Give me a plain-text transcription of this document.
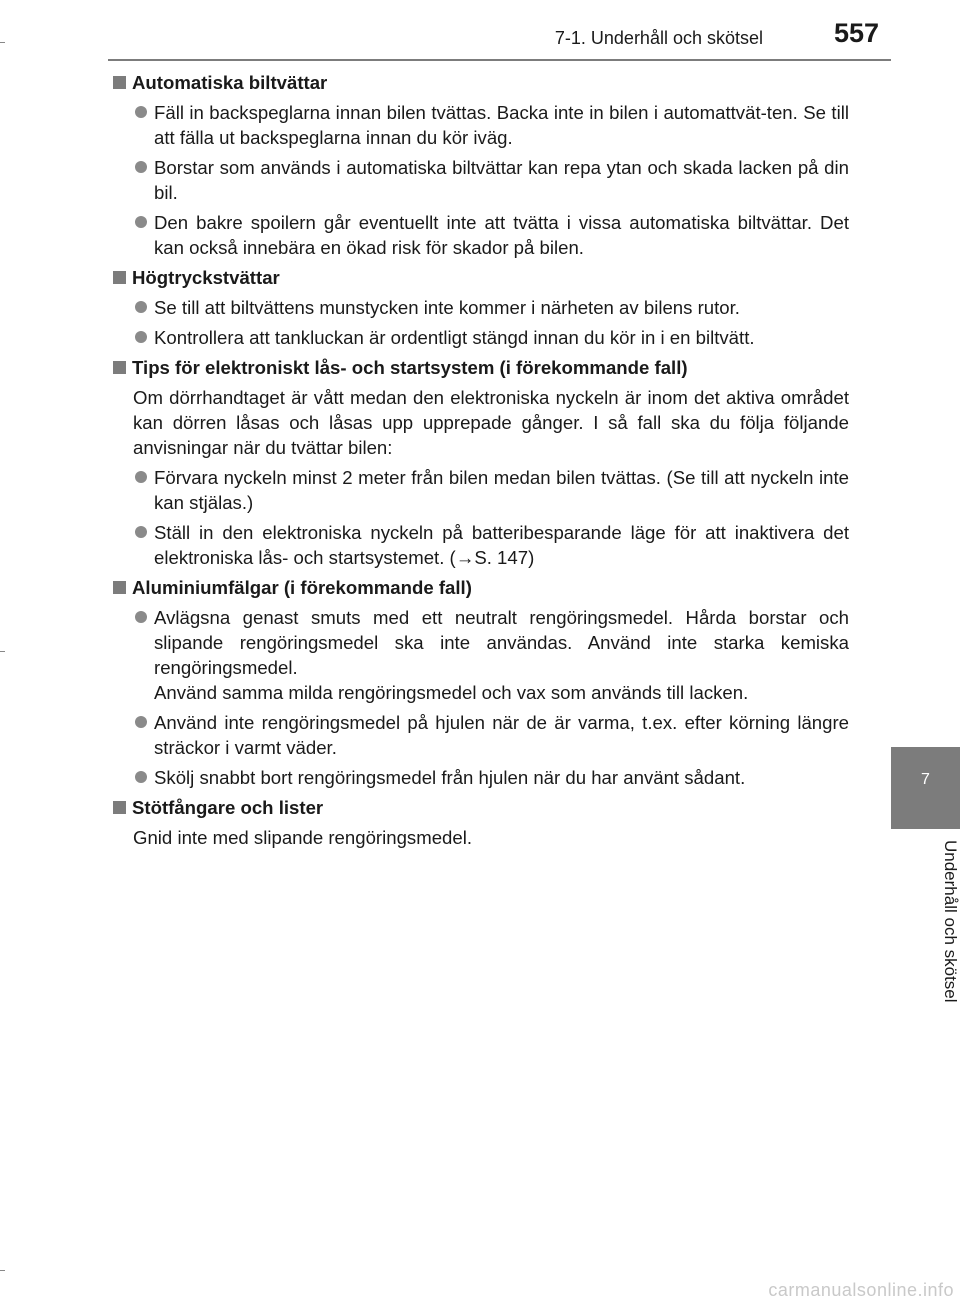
7-1. Underhåll och skötsel	557
7
Underhåll och skötsel
Automatiska biltvättar
Fäll in backspeglarna innan bilen tvättas. Backa inte in bilen i automattvät-ten. Se till att fälla ut backspeglarna innan du kör iväg.
Borstar som används i automatiska biltvättar kan repa ytan och skada lacken på din bil.
Den bakre spoilern går eventuellt inte att tvätta i vissa automatiska biltvättar. Det kan också innebära en ökad risk för skador på bilen.
Högtryckstvättar
Se till att biltvättens munstycken inte kommer i närheten av bilens rutor.
Kontrollera att tankluckan är ordentligt stängd innan du kör in i en biltvätt.
Tips för elektroniskt lås- och startsystem (i förekommande fall)
Om dörrhandtaget är vått medan den elektroniska nyckeln är inom det aktiva området kan dörren låsas och låsas upp upprepade gånger. I så fall ska du följa följande anvisningar när du tvättar bilen:
Förvara nyckeln minst 2 meter från bilen medan bilen tvättas. (Se till att nyckeln inte kan stjälas.)
Ställ in den elektroniska nyckeln på batteribesparande läge för att inaktivera det elektroniska lås- och startsystemet. (→S. 147)
Aluminiumfälgar (i förekommande fall)
Avlägsna genast smuts med ett neutralt rengöringsmedel. Hårda borstar och slipande rengöringsmedel ska inte användas. Använd inte starka kemiska rengöringsmedel.
Använd samma milda rengöringsmedel och vax som används till lacken.
Använd inte rengöringsmedel på hjulen när de är varma, t.ex. efter körning längre sträckor i varmt väder.
Skölj snabbt bort rengöringsmedel från hjulen när du har använt sådant.
Stötfångare och lister
Gnid inte med slipande rengöringsmedel.
carmanualsonline.info
